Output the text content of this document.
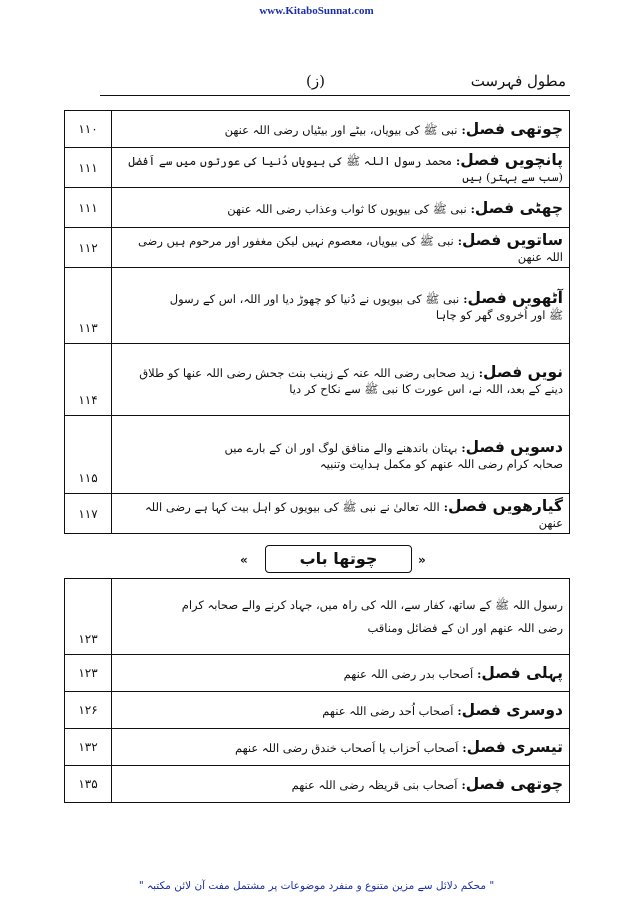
www.KitaboSunnat.com
مطول فہرست
(ز)
چوتھی فصل: نبی ﷺ کی بیویاں، بیٹے اور بیٹیاں رضی اللہ عنھن	۱۱۰
پانچویں فصل: محمد رسول اللہ ﷺ کی بیویاں دُنیا کی عورتوں میں سے اَفضل (سب سے بہتر) ہیں	۱۱۱
چھٹی فصل: نبی ﷺ کی بیویوں کا ثواب وعذاب رضی اللہ عنھن	۱۱۱
ساتویں فصل: نبی ﷺ کی بیویاں، معصوم نہیں لیکن مغفور اور مرحوم ہیں رضی اللہ عنھن	۱۱۲
آٹھویں فصل: نبی ﷺ کی بیویوں نے دُنیا کو چھوڑ دیا اور اللہ، اس کے رسول
ﷺ اور اُخروی گھر کو چاہا	۱۱۳
نویں فصل: زید صحابی رضی اللہ عنہ کے زینب بنت جحش رضی اللہ عنھا کو طلاق
دینے کے بعد، اللہ نے، اس عورت کا نبی ﷺ سے نکاح کر دیا	۱۱۴
دسویں فصل: بہتان باندھنے والے منافق لوگ اور ان کے بارے میں
صحابہ کرام رضی اللہ عنھم کو مکمل ہدایت وتنبیہ	۱۱۵
گیارھویں فصل: اللہ تعالیٰ نے نبی ﷺ کی بیویوں کو اہل بیت کہا ہے رضی اللہ عنھن	۱۱۷
«	چوتھا باب	»
رسول اللہ ﷺ کے ساتھ، کفار سے، اللہ کی راہ میں، جہاد کرنے والے صحابہ کرام
رضی اللہ عنھم اور ان کے فضائل ومناقب	۱۲۳
پہلی فصل: اَصحاب بدر رضی اللہ عنھم	۱۲۳
دوسری فصل: اَصحاب اُحد رضی اللہ عنھم	۱۲۶
تیسری فصل: اَصحاب اَحزاب یا اَصحاب خندق رضی اللہ عنھم	۱۳۲
چوتھی فصل: اَصحاب بنی قریظہ رضی اللہ عنھم	۱۳۵
" محکم دلائل سے مزین متنوع و منفرد موضوعات پر مشتمل مفت آن لائن مکتبہ "
